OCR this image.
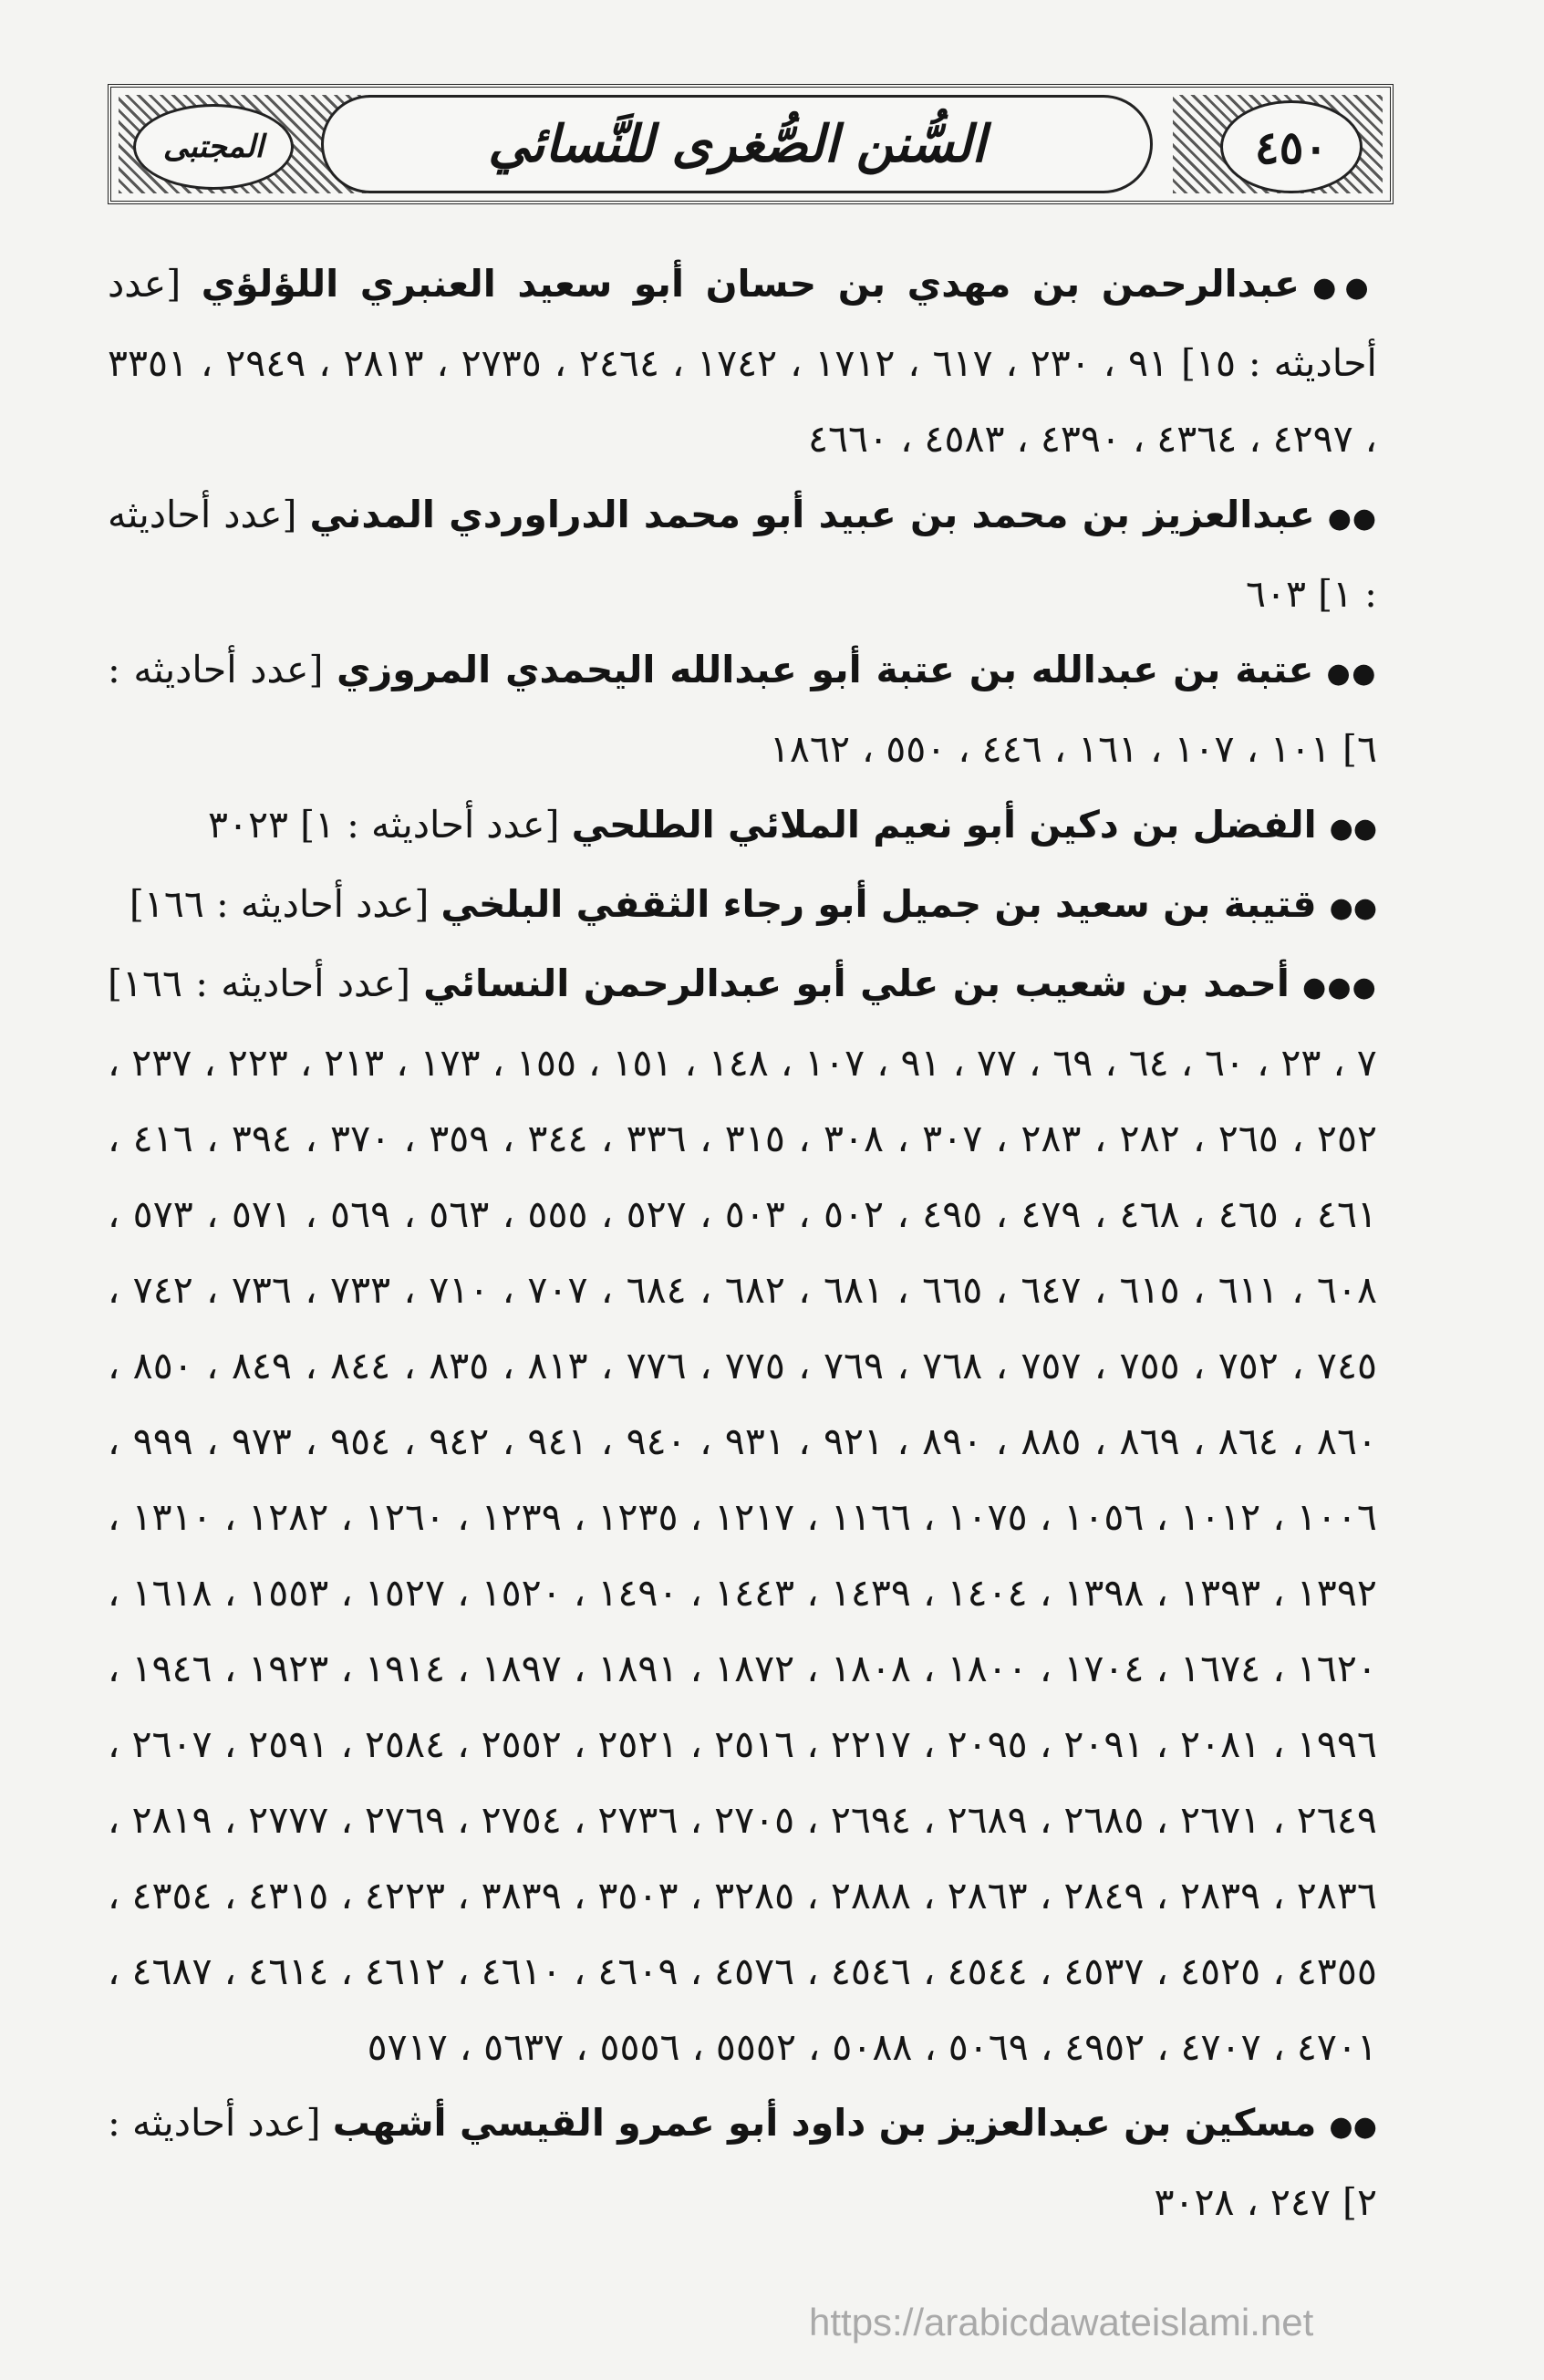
السُّنن الصُّغرى للنَّسائي	٤٥٠
المجتبى

●●عبدالرحمن بن مهدي بن حسان أبو سعيد العنبري اللؤلؤي [عدد أحاديثه : ١٥] ٩١ ، ٢٣٠ ، ٦١٧ ، ١٧١٢ ، ١٧٤٢ ، ٢٤٦٤ ، ٢٧٣٥ ، ٢٨١٣ ، ٢٩٤٩ ، ٣٣٥١ ، ٤٢٩٧ ، ٤٣٦٤ ، ٤٣٩٠ ، ٤٥٨٣ ، ٤٦٦٠

●●عبدالعزيز بن محمد بن عبيد أبو محمد الدراوردي المدني [عدد أحاديثه : ١] ٦٠٣

●●عتبة بن عبدالله بن عتبة أبو عبدالله اليحمدي المروزي [عدد أحاديثه : ٦] ١٠١ ، ١٠٧ ، ١٦١ ، ٤٤٦ ، ٥٥٠ ، ١٨٦٢

●●الفضل بن دكين أبو نعيم الملائي الطلحي [عدد أحاديثه : ١] ٣٠٢٣

●●قتيبة بن سعيد بن جميل أبو رجاء الثقفي البلخي [عدد أحاديثه : ١٦٦]

●●●أحمد بن شعيب بن علي أبو عبدالرحمن النسائي [عدد أحاديثه : ١٦٦] ٧ ، ٢٣ ، ٦٠ ، ٦٤ ، ٦٩ ، ٧٧ ، ٩١ ، ١٠٧ ، ١٤٨ ، ١٥١ ، ١٥٥ ، ١٧٣ ، ٢١٣ ، ٢٢٣ ، ٢٣٧ ، ٢٥٢ ، ٢٦٥ ، ٢٨٢ ، ٢٨٣ ، ٣٠٧ ، ٣٠٨ ، ٣١٥ ، ٣٣٦ ، ٣٤٤ ، ٣٥٩ ، ٣٧٠ ، ٣٩٤ ، ٤١٦ ، ٤٦١ ، ٤٦٥ ، ٤٦٨ ، ٤٧٩ ، ٤٩٥ ، ٥٠٢ ، ٥٠٣ ، ٥٢٧ ، ٥٥٥ ، ٥٦٣ ، ٥٦٩ ، ٥٧١ ، ٥٧٣ ، ٦٠٨ ، ٦١١ ، ٦١٥ ، ٦٤٧ ، ٦٦٥ ، ٦٨١ ، ٦٨٢ ، ٦٨٤ ، ٧٠٧ ، ٧١٠ ، ٧٣٣ ، ٧٣٦ ، ٧٤٢ ، ٧٤٥ ، ٧٥٢ ، ٧٥٥ ، ٧٥٧ ، ٧٦٨ ، ٧٦٩ ، ٧٧٥ ، ٧٧٦ ، ٨١٣ ، ٨٣٥ ، ٨٤٤ ، ٨٤٩ ، ٨٥٠ ، ٨٦٠ ، ٨٦٤ ، ٨٦٩ ، ٨٨٥ ، ٨٩٠ ، ٩٢١ ، ٩٣١ ، ٩٤٠ ، ٩٤١ ، ٩٤٢ ، ٩٥٤ ، ٩٧٣ ، ٩٩٩ ، ١٠٠٦ ، ١٠١٢ ، ١٠٥٦ ، ١٠٧٥ ، ١١٦٦ ، ١٢١٧ ، ١٢٣٥ ، ١٢٣٩ ، ١٢٦٠ ، ١٢٨٢ ، ١٣١٠ ، ١٣٩٢ ، ١٣٩٣ ، ١٣٩٨ ، ١٤٠٤ ، ١٤٣٩ ، ١٤٤٣ ، ١٤٩٠ ، ١٥٢٠ ، ١٥٢٧ ، ١٥٥٣ ، ١٦١٨ ، ١٦٢٠ ، ١٦٧٤ ، ١٧٠٤ ، ١٨٠٠ ، ١٨٠٨ ، ١٨٧٢ ، ١٨٩١ ، ١٨٩٧ ، ١٩١٤ ، ١٩٢٣ ، ١٩٤٦ ، ١٩٩٦ ، ٢٠٨١ ، ٢٠٩١ ، ٢٠٩٥ ، ٢٢١٧ ، ٢٥١٦ ، ٢٥٢١ ، ٢٥٥٢ ، ٢٥٨٤ ، ٢٥٩١ ، ٢٦٠٧ ، ٢٦٤٩ ، ٢٦٧١ ، ٢٦٨٥ ، ٢٦٨٩ ، ٢٦٩٤ ، ٢٧٠٥ ، ٢٧٣٦ ، ٢٧٥٤ ، ٢٧٦٩ ، ٢٧٧٧ ، ٢٨١٩ ، ٢٨٣٦ ، ٢٨٣٩ ، ٢٨٤٩ ، ٢٨٦٣ ، ٢٨٨٨ ، ٣٢٨٥ ، ٣٥٠٣ ، ٣٨٣٩ ، ٤٢٢٣ ، ٤٣١٥ ، ٤٣٥٤ ، ٤٣٥٥ ، ٤٥٢٥ ، ٤٥٣٧ ، ٤٥٤٤ ، ٤٥٤٦ ، ٤٥٧٦ ، ٤٦٠٩ ، ٤٦١٠ ، ٤٦١٢ ، ٤٦١٤ ، ٤٦٨٧ ، ٤٧٠١ ، ٤٧٠٧ ، ٤٩٥٢ ، ٥٠٦٩ ، ٥٠٨٨ ، ٥٥٥٢ ، ٥٥٥٦ ، ٥٦٣٧ ، ٥٧١٧

●●مسكين بن عبدالعزيز بن داود أبو عمرو القيسي أشهب [عدد أحاديثه : ٢] ٢٤٧ ، ٣٠٢٨

https://arabicdawateislami.net
